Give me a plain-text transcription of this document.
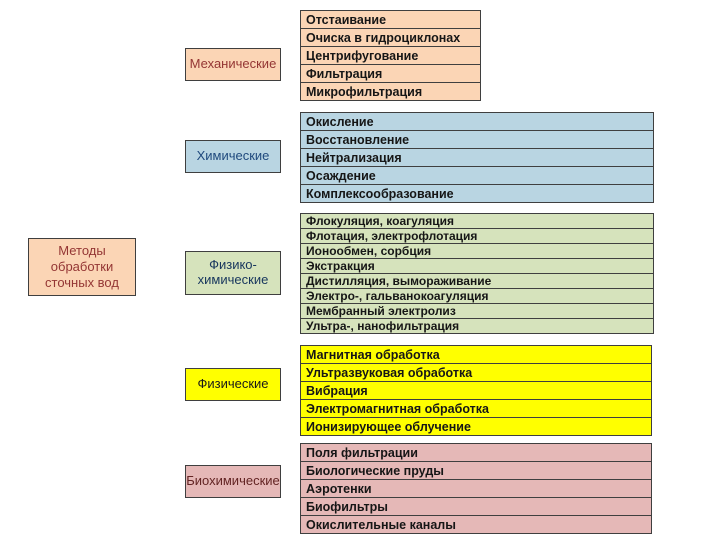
Методы обработки сточных вод
Механические
Химические
Физико-химические
Физические
Биохимические
Отстаивание
Очиска в гидроциклонах
Центрифугование
Фильтрация
Микрофильтрация
Окисление
Восстановление
Нейтрализация
Осаждение
Комплексообразование
Флокуляция, коагуляция
Флотация, электрофлотация
Ионообмен, сорбция
Экстракция
Дистилляция, вымораживание
Электро-, гальванокоагуляция
Мембранный электролиз
Ультра-, нанофильтрация
Магнитная обработка
Ультразвуковая обработка
Вибрация
Электромагнитная обработка
Ионизирующее облучение
Поля фильтрации
Биологические пруды
Аэротенки
Биофильтры
Окислительные каналы
